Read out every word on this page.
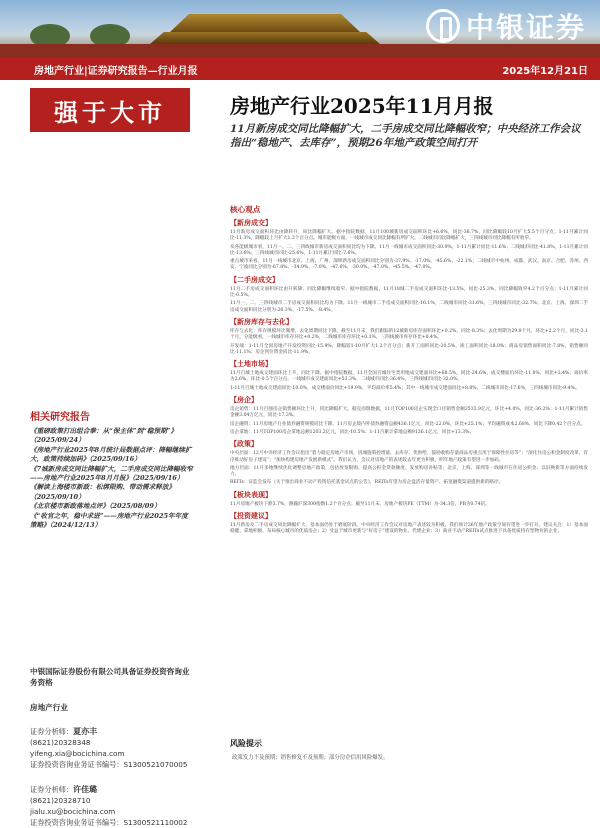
中银证券
房地产行业|证券研究报告—行业月报	2025年12月21日
强于大市
相关研究报告
《重磅政策打出组合拳：从“保主体”到“稳预期”》（2025/09/24）
《房地产行业2025年8月统计局数据点评：降幅继续扩大，政策持续加码》（2025/09/16）
《7城新房成交同比降幅扩大，二手房成交同比降幅收窄——房地产行业2025年8月月报》（2025/09/16）
《解读上海楼市新政：松绑限购、带动需求释放》（2025/09/10）
《北京楼市新政落地点评》（2025/08/09）
《“收官之年，稳中求进”——房地产行业2025年年度策略》（2024/12/13）
中银国际证券股份有限公司具备证券投资咨询业务资格
房地产行业
证券分析师：夏亦丰
(8621)20328348
yifeng.xia@bocichina.com
证券投资咨询业务证书编号：S1300521070005
证券分析师：许佳璐
(8621)20328710
jialu.xu@bocichina.com
证券投资咨询业务证书编号：S1300521110002
房地产行业2025年11月月报
11月新房成交同比降幅扩大，二手房成交同比降幅收窄；中央经济工作会议指出“稳地产、去库存”，预期26年地产政策空间打开
核心观点
【新房成交】
11月新房成交面积环比由降转升，同比降幅扩大。据中指院数据，11月100城新房成交面积环比+6.6%，同比-36.7%，同比降幅较10月扩大5.5个百分点；1-11月累计同比-11.3%，降幅较上月扩大1.3个百分点。城市能级方面，一线城市成交同比降幅有所扩大，二线城市同比降幅扩大，三四线城市同比降幅有所收窄。
从各能级城市看，11月一、二、三四线城市新房成交面积同比均为下降。11月一线城市成交面积同比-30.9%，1-11月累计同比-11.6%；二线城市同比-41.8%，1-11月累计同比-13.6%；三四线城市同比-25.6%，1-11月累计同比-7.6%。
重点城市来看，11月一线城市北京、上海、广州、深圳新房成交面积同比分别为-37.9%、-17.0%、-45.6%、-22.1%；二线城市中杭州、成都、武汉、南京、合肥、苏州、西安、宁波同比分别为-67.8%、-34.9%、-7.0%、-47.6%、-30.0%、-47.0%、-45.5%、-47.0%。
【二手房成交】
11月二手房成交面积环比由升转降，同比降幅继续收窄。据中指院数据，11月18城二手房成交面积环比-13.5%，同比-25.3%，同比降幅收窄4.2个百分点；1-11月累计同比-0.5%。
11月一、二、三四线城市二手房成交面积同比均为下降。11月一线城市二手房成交面积同比-16.1%，二线城市同比-31.6%，三四线城市同比-32.7%；北京、上海、深圳二手房成交面积同比分别为-26.3%、-17.5%、-8.4%。
【新房库存与去化】
库存与去化：库存规模环比微增，去化周期同比下降。截至11月末，我们跟踪的12城新房库存面积环比+0.2%，同比-8.3%；去化周期为29.9个月，环比+2.2个月，同比-3.1个月。分能级看，一线城市库存环比+0.2%，二线城市库存环比+0.1%，三四线城市库存环比+0.4%。
开发端：1-11月全国房地产开发投资同比-15.9%，降幅较1-10月扩大1.2个百分点；新开工面积同比-20.5%，竣工面积同比-18.0%；商品房销售面积同比-7.8%，销售额同比-11.1%；房企到位资金同比-11.9%。
【土地市场】
11月百城土地成交建面环比上升，同比下降。据中指院数据，11月全国百城住宅类用地成交建面环比+68.5%，同比-24.6%，成交楼面价环比-11.8%，同比+2.4%；溢价率为3.6%，环比-0.5个百分点。一线城市成交建面同比+53.3%，二线城市同比-36.4%，三四线城市同比-32.0%。
1-11月百城土地成交建面同比-10.0%，成交楼面价同比+19.9%，平均溢价率5.4%；其中一线城市成交建面同比+8.8%，二线城市同比-17.6%，三四线城市同比-9.4%。
【房企】
房企销售：11月百强房企销售额环比上升，同比降幅扩大。据克而瑞数据，11月TOP100房企实现全口径销售金额2533.9亿元，环比+4.0%，同比-36.2%；1-11月累计销售金额3.04万亿元，同比-17.3%。
房企融资：11月房地产行业债券融资规模同比下降。11月房企境内外债券融资总额436.1亿元，同比-22.0%，环比+25.1%；平均融资成本2.68%，同比下降0.42个百分点。
房企拿地：11月TOP100房企拿地总额1203.2亿元，同比-10.5%；1-11月累计拿地总额9136.1亿元，同比+13.3%。
【政策】
中央层面：12月中央经济工作会议指出“着力稳定房地产市场，因城施策控增量、去库存、优供给，鼓励收购存量商品房重点用于保障性住房等”；“深化住房公积金制度改革，有序推动好房子建设”；“加快构建房地产发展新模式”。我们认为，会议对房地产的表述较去年更为积极，明年地产政策有望进一步加码。
地方层面：11月多地继续优化调整房地产政策，包括放宽限购、提高公积金贷款额度、发放购房补贴等；北京、上海、深圳等一线城市在住房公积金、以旧换新等方面持续发力。
REITs：证监会发布《关于推出商业不动产投资信托基金试点的公告》，REITs有望为房企盘活存量资产、拓宽融资渠道提供新的路径。
【板块表现】
11月房地产板块下跌3.7%，跑输沪深300指数1.2个百分点；截至11月末，房地产板块PE（TTM）为-34.3倍，PB为0.74倍。
【投资建议】
11月新房及二手房成交同比降幅扩大，基本面仍处于磨底阶段。中央经济工作会议对房地产表述较为积极，我们预计26年地产政策空间有望进一步打开。建议关注：1）基本面稳健、拿地积极、布局核心城市的优质房企；2）受益于城市更新与“好房子”建设的物业、代建企业；3）商业不动产REITs试点推进下具备优质持有型物业的企业。
风险提示
政策发力不及预期；销售修复不及预期；部分房企信用风险爆发。
